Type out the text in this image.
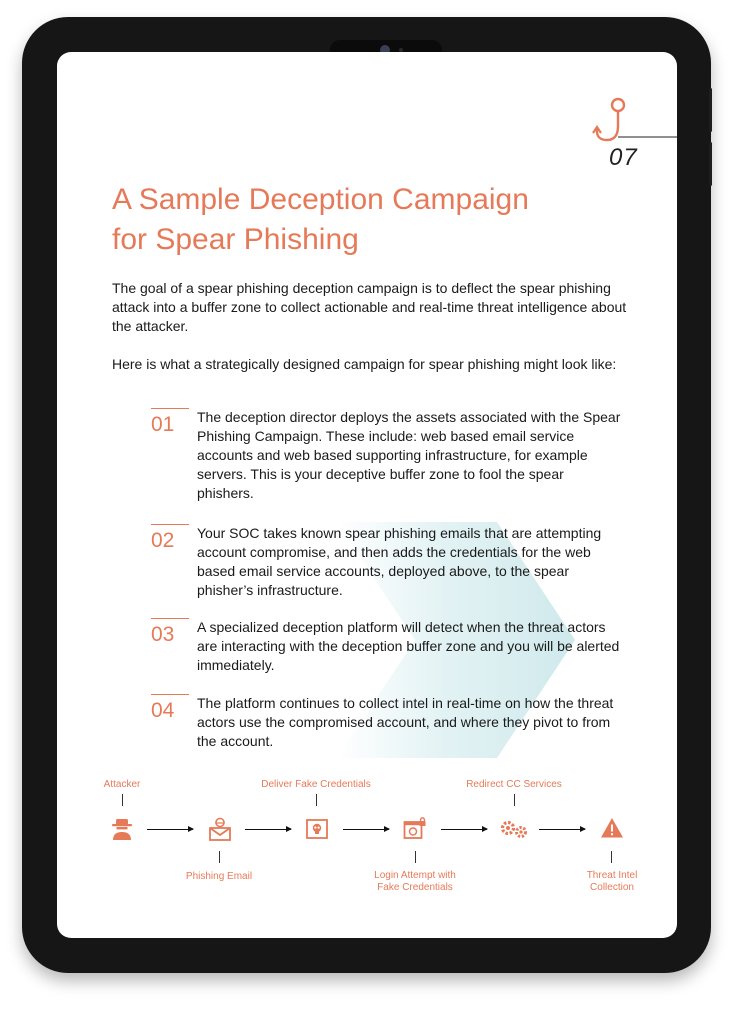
07
A Sample Deception Campaign
for Spear Phishing

The goal of a spear phishing deception campaign is to deflect the spear phishing attack into a buffer zone to collect actionable and real-time threat intelligence about the attacker.

Here is what a strategically designed campaign for spear phishing might look like:

01 The deception director deploys the assets associated with the Spear Phishing Campaign. These include: web based email service accounts and web based supporting infrastructure, for example servers. This is your deceptive buffer zone to fool the spear phishers.

02 Your SOC takes known spear phishing emails that are attempting account compromise, and then adds the credentials for the web based email service accounts, deployed above, to the spear phisher’s infrastructure.

03 A specialized deception platform will detect when the threat actors are interacting with the deception buffer zone and you will be alerted immediately.

04 The platform continues to collect intel in real-time on how the threat actors use the compromised account, and where they pivot to from the account.

Attacker	Deliver Fake Credentials	Redirect CC Services
Phishing Email	Login Attempt with
Fake Credentials
Threat Intel
Collection
